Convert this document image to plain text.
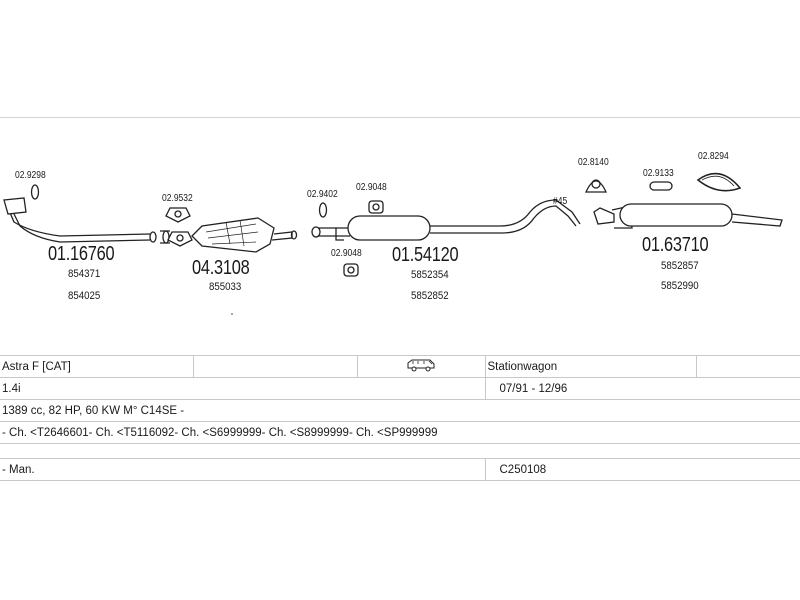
02.9298
01.16760
854371
854025
02.9532
04.3108
855033
02.9402
02.9048
02.9048 01.54120
5852354
5852852
#45
02.8140
02.9133
02.8294
01.63710
5852857
5852990
Astra F [CAT]			Stationwagon	
1.4i			07/91 - 12/96	
1389 cc, 82 HP, 60 KW M° C14SE -				
- Ch. <T2646601- Ch. <T5116092- Ch. <S6999999- Ch. <S8999999- Ch. <SP999999				

- Man.			C250108	
